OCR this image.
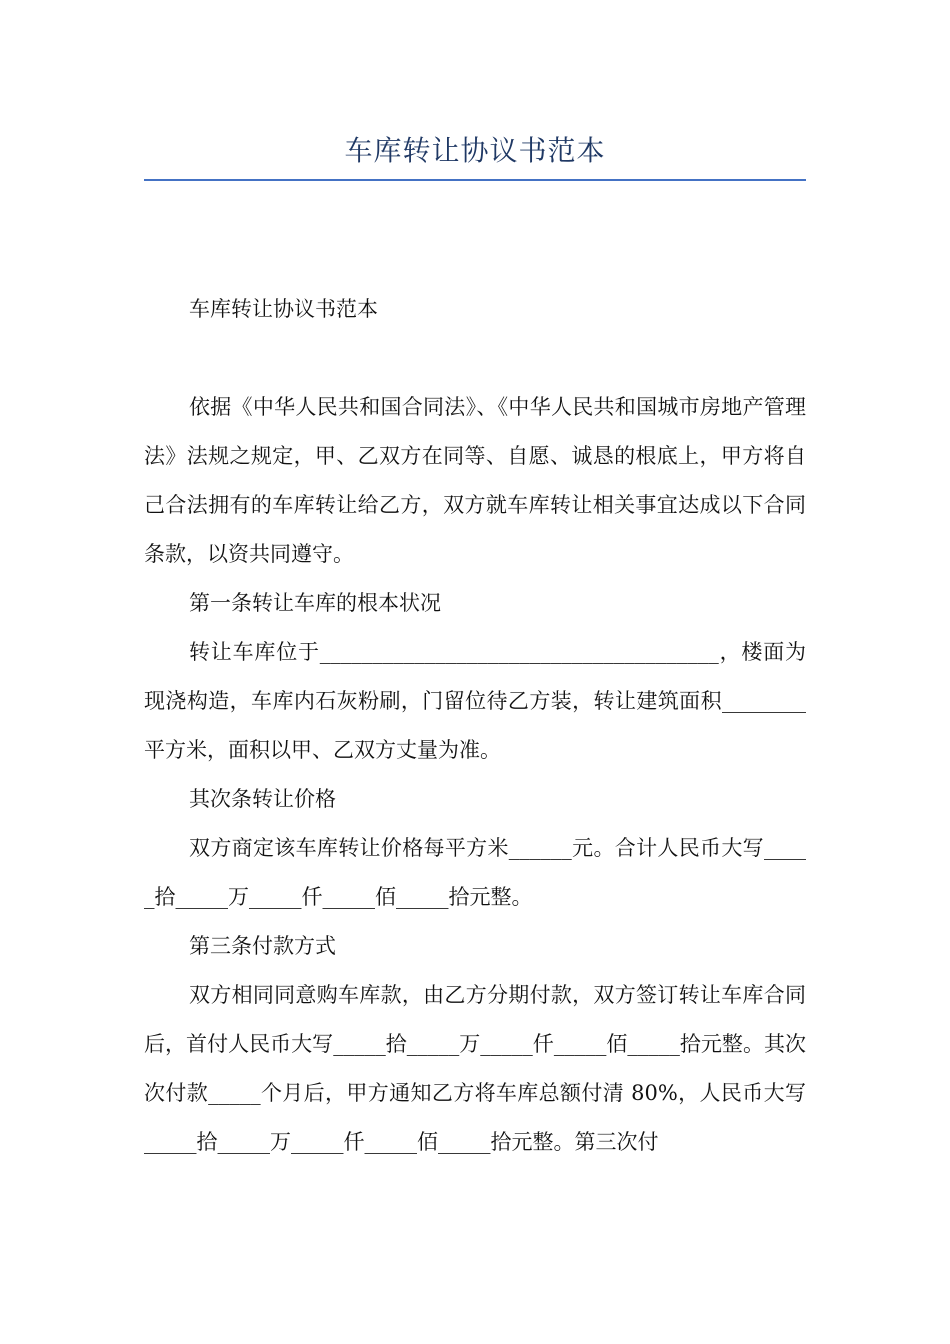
车库转让协议书范本

车库转让协议书范本

依据《中华人民共和国合同法》、《中华人民共和国城市房地产管理法》法规之规定，甲、乙双方在同等、自愿、诚恳的根底上，甲方将自己合法拥有的车库转让给乙方，双方就车库转让相关事宜达成以下合同条款，以资共同遵守。

第一条转让车库的根本状况

转让车库位于______________________________________，楼面为现浇构造，车库内石灰粉刷，门留位待乙方装，转让建筑面积________平方米，面积以甲、乙双方丈量为准。

其次条转让价格

双方商定该车库转让价格每平方米______元。合计人民币大写_____拾_____万_____仟_____佰_____拾元整。

第三条付款方式

双方相同同意购车库款，由乙方分期付款，双方签订转让车库合同后，首付人民币大写_____拾_____万_____仟_____佰_____拾元整。其次次付款_____个月后，甲方通知乙方将车库总额付清 80%，人民币大写_____拾_____万_____仟_____佰_____拾元整。第三次付
